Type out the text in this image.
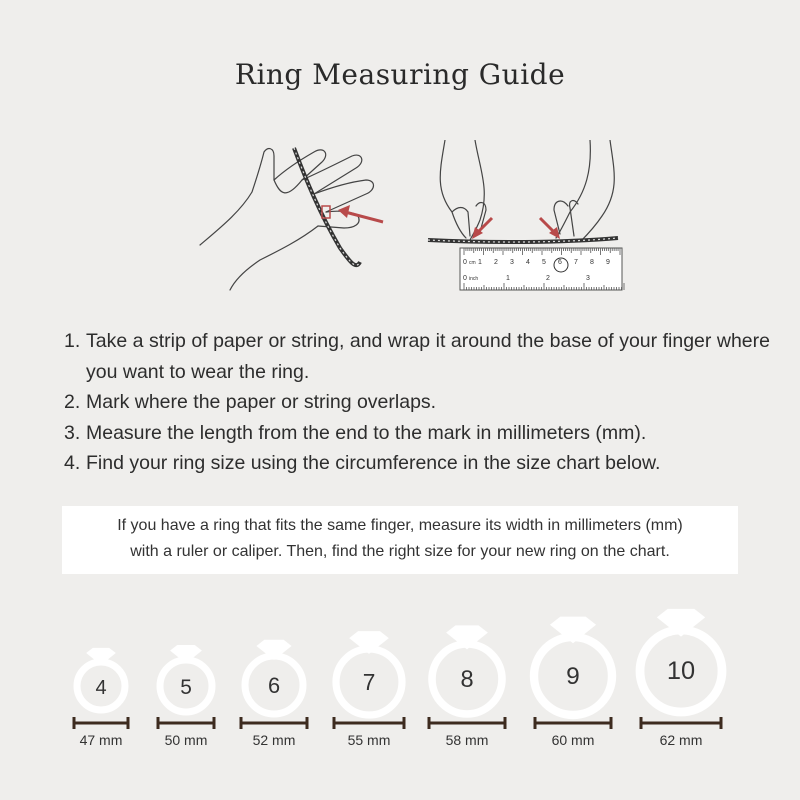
Ring Measuring Guide
0 cm 1 2 3 4 5 6 7 8 9
0 inch	1	2	3
1. Take a strip of paper or string, and wrap it around the base of your finger where you want to wear the ring.
2. Mark where the paper or string overlaps.
3. Measure the length from the end to the mark in millimeters (mm).
4. Find your ring size using the circumference in the size chart below.
If you have a ring that fits the same finger, measure its width in millimeters (mm)
with a ruler or caliper. Then, find the right size for your new ring on the chart.
4
47 mm
5
50 mm
6
52 mm
7
55 mm
8
58 mm
9
60 mm
10
62 mm
